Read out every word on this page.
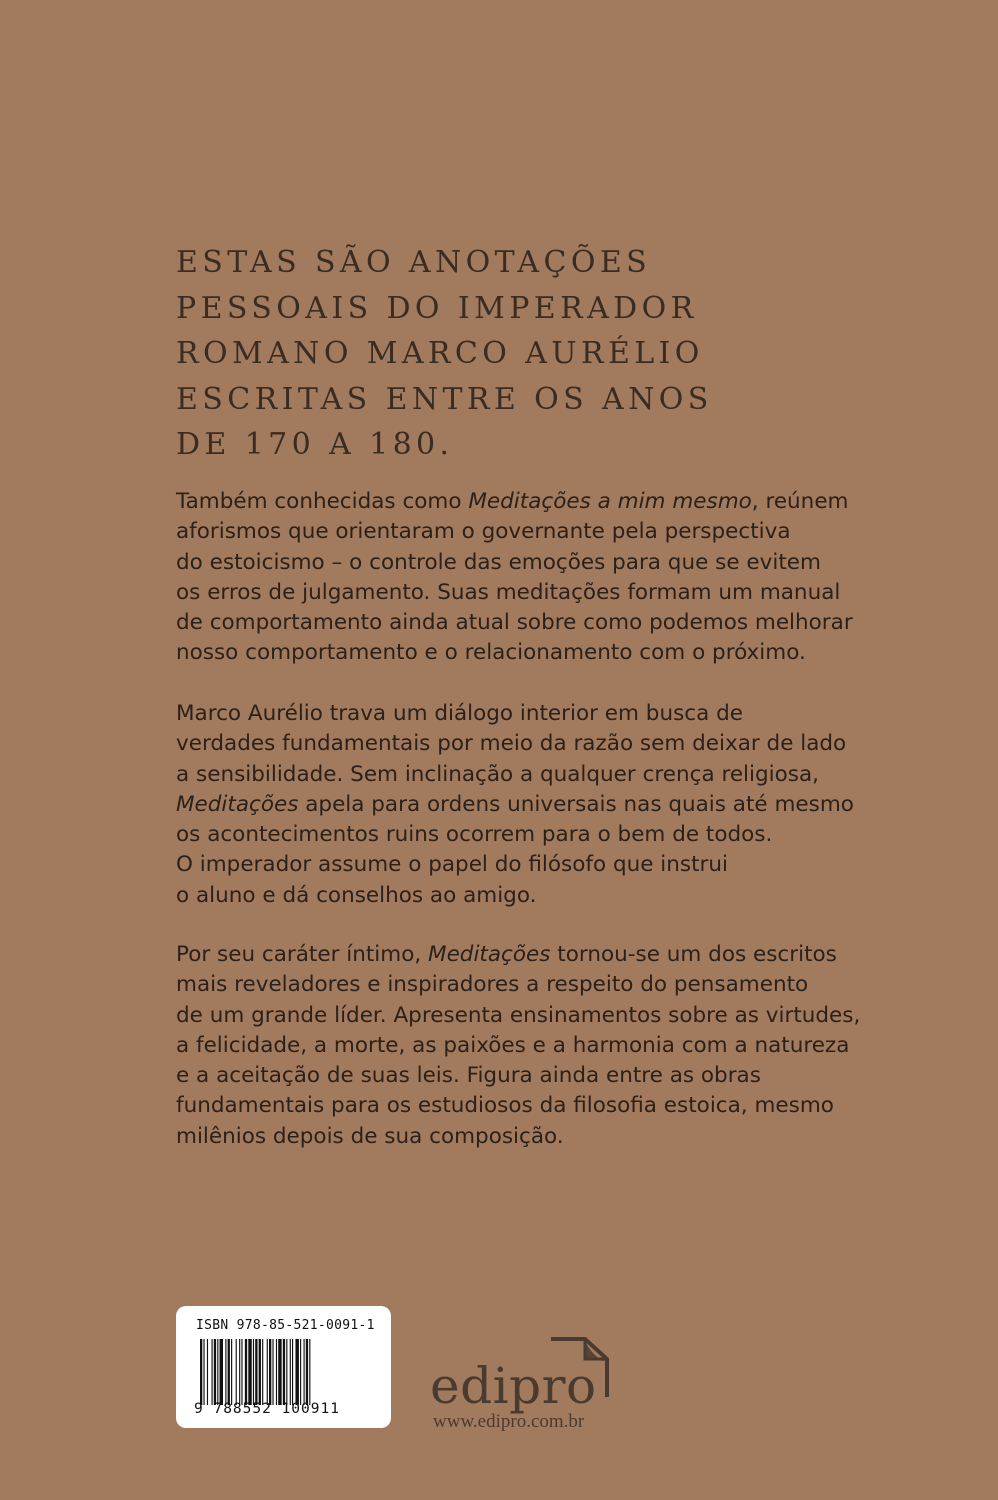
ESTAS SÃO ANOTAÇÕES
PESSOAIS DO IMPERADOR
ROMANO MARCO AURÉLIO
ESCRITAS ENTRE OS ANOS
DE 170 A 180.
Também conhecidas como Meditações a mim mesmo, reúnem
aforismos que orientaram o governante pela perspectiva
do estoicismo – o controle das emoções para que se evitem
os erros de julgamento. Suas meditações formam um manual
de comportamento ainda atual sobre como podemos melhorar
nosso comportamento e o relacionamento com o próximo.
Marco Aurélio trava um diálogo interior em busca de
verdades fundamentais por meio da razão sem deixar de lado
a sensibilidade. Sem inclinação a qualquer crença religiosa,
Meditações apela para ordens universais nas quais até mesmo
os acontecimentos ruins ocorrem para o bem de todos.
O imperador assume o papel do filósofo que instrui
o aluno e dá conselhos ao amigo.
Por seu caráter íntimo, Meditações tornou-se um dos escritos
mais reveladores e inspiradores a respeito do pensamento
de um grande líder. Apresenta ensinamentos sobre as virtudes,
a felicidade, a morte, as paixões e a harmonia com a natureza
e a aceitação de suas leis. Figura ainda entre as obras
fundamentais para os estudiosos da filosofia estoica, mesmo
milênios depois de sua composição.
ISBN 978-85-521-0091-1
9 788552 100911 edipro
www.edipro.com.br
